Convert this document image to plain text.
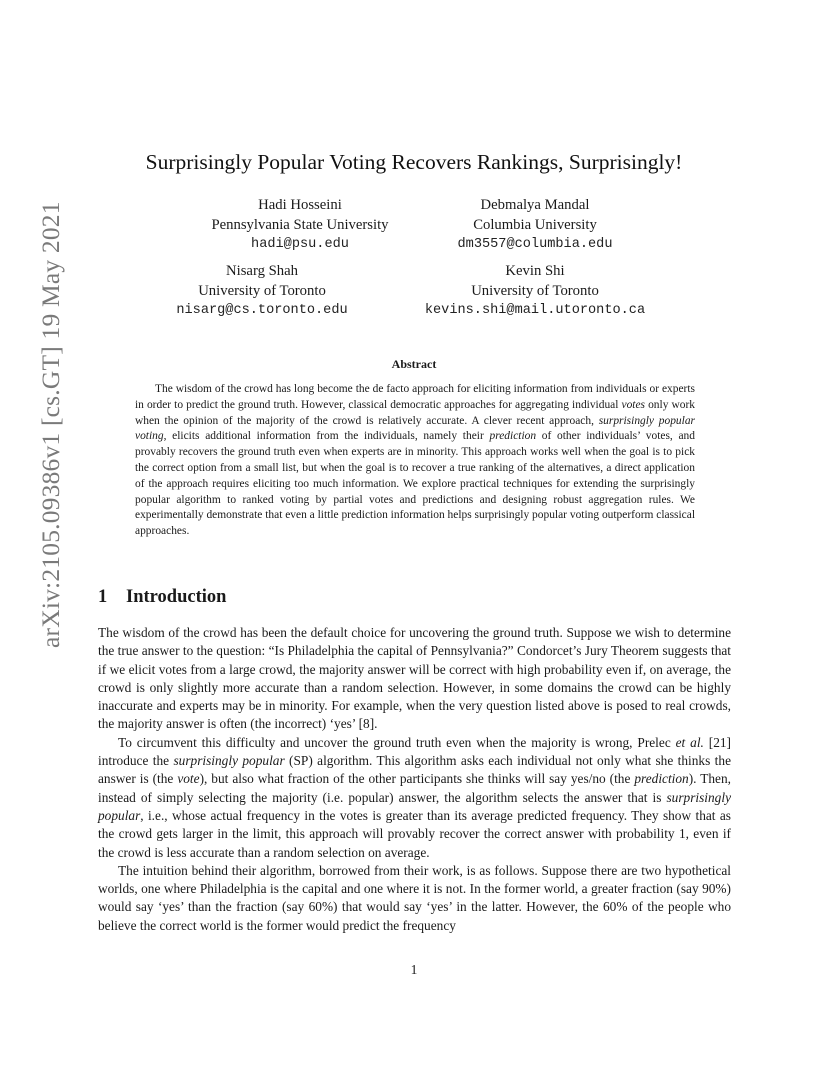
arXiv:2105.09386v1 [cs.GT] 19 May 2021
Surprisingly Popular Voting Recovers Rankings, Surprisingly!
Hadi Hosseini
Pennsylvania State University
hadi@psu.edu
Debmalya Mandal
Columbia University
dm3557@columbia.edu
Nisarg Shah
University of Toronto
nisarg@cs.toronto.edu
Kevin Shi
University of Toronto
kevins.shi@mail.utoronto.ca
Abstract

The wisdom of the crowd has long become the de facto approach for eliciting information from individuals or experts in order to predict the ground truth. However, classical democratic approaches for aggregating individual votes only work when the opinion of the majority of the crowd is relatively accurate. A clever recent approach, surprisingly popular voting, elicits additional information from the individuals, namely their prediction of other individuals’ votes, and provably recovers the ground truth even when experts are in minority. This approach works well when the goal is to pick the correct option from a small list, but when the goal is to recover a true ranking of the alternatives, a direct application of the approach requires eliciting too much information. We explore practical techniques for extending the surprisingly popular algorithm to ranked voting by partial votes and predictions and designing robust aggregation rules. We experimentally demonstrate that even a little prediction information helps surprisingly popular voting outperform classical approaches.

1 Introduction

The wisdom of the crowd has been the default choice for uncovering the ground truth. Suppose we wish to determine the true answer to the question: “Is Philadelphia the capital of Pennsylvania?” Condorcet’s Jury Theorem suggests that if we elicit votes from a large crowd, the majority answer will be correct with high probability even if, on average, the crowd is only slightly more accurate than a random selection. However, in some domains the crowd can be highly inaccurate and experts may be in minority. For example, when the very question listed above is posed to real crowds, the majority answer is often (the incorrect) ‘yes’ [8].

To circumvent this difficulty and uncover the ground truth even when the majority is wrong, Prelec et al. [21] introduce the surprisingly popular (SP) algorithm. This algorithm asks each individual not only what she thinks the answer is (the vote), but also what fraction of the other participants she thinks will say yes/no (the prediction). Then, instead of simply selecting the majority (i.e. popular) answer, the algorithm selects the answer that is surprisingly popular, i.e., whose actual frequency in the votes is greater than its average predicted frequency. They show that as the crowd gets larger in the limit, this approach will provably recover the correct answer with probability 1, even if the crowd is less accurate than a random selection on average.

The intuition behind their algorithm, borrowed from their work, is as follows. Suppose there are two hypothetical worlds, one where Philadelphia is the capital and one where it is not. In the former world, a greater fraction (say 90%) would say ‘yes’ than the fraction (say 60%) that would say ‘yes’ in the latter. However, the 60% of the people who believe the correct world is the former would predict the frequency

1
